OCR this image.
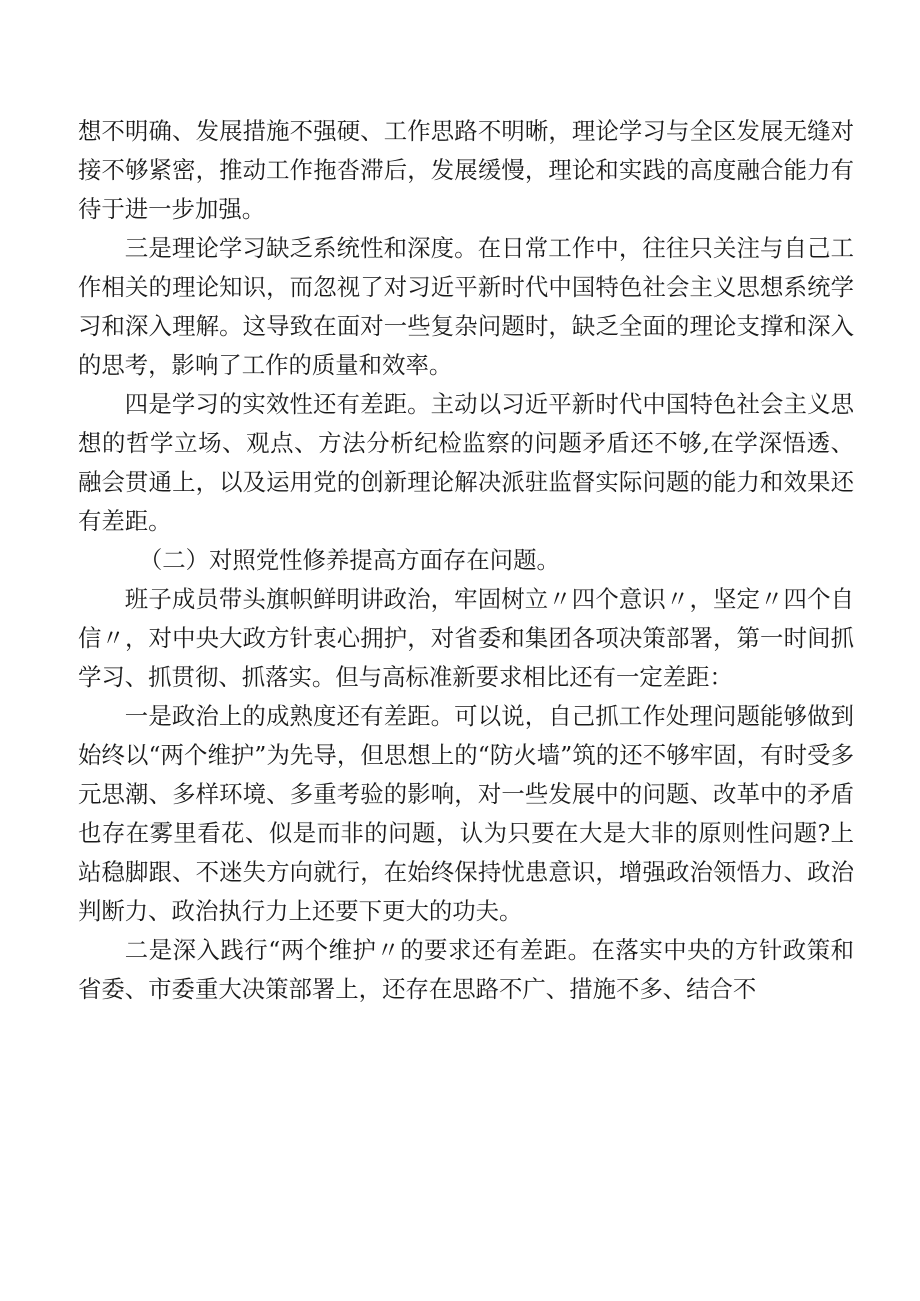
想不明确、发展措施不强硬、工作思路不明晰，理论学习与全区发展无缝对接不够紧密，推动工作拖沓滞后，发展缓慢，理论和实践的高度融合能力有待于进一步加强。

三是理论学习缺乏系统性和深度。在日常工作中，往往只关注与自己工作相关的理论知识，而忽视了对习近平新时代中国特色社会主义思想系统学习和深入理解。这导致在面对一些复杂问题时，缺乏全面的理论支撑和深入的思考，影响了工作的质量和效率。

四是学习的实效性还有差距。主动以习近平新时代中国特色社会主义思想的哲学立场、观点、方法分析纪检监察的问题矛盾还不够,在学深悟透、融会贯通上，以及运用党的创新理论解决派驻监督实际问题的能力和效果还有差距。

（二）对照党性修养提高方面存在问题。

班子成员带头旗帜鲜明讲政治，牢固树立〃四个意识〃，坚定〃四个自信〃，对中央大政方针衷心拥护，对省委和集团各项决策部署，第一时间抓学习、抓贯彻、抓落实。但与高标准新要求相比还有一定差距：

一是政治上的成熟度还有差距。可以说，自己抓工作处理问题能够做到始终以“两个维护”为先导，但思想上的“防火墙”筑的还不够牢固，有时受多元思潮、多样环境、多重考验的影响，对一些发展中的问题、改革中的矛盾也存在雾里看花、似是而非的问题，认为只要在大是大非的原则性问题?上站稳脚跟、不迷失方向就行，在始终保持忧患意识，增强政治领悟力、政治判断力、政治执行力上还要下更大的功夫。

二是深入践行“两个维护〃的要求还有差距。在落实中央的方针政策和省委、市委重大决策部署上，还存在思路不广、措施不多、结合不
